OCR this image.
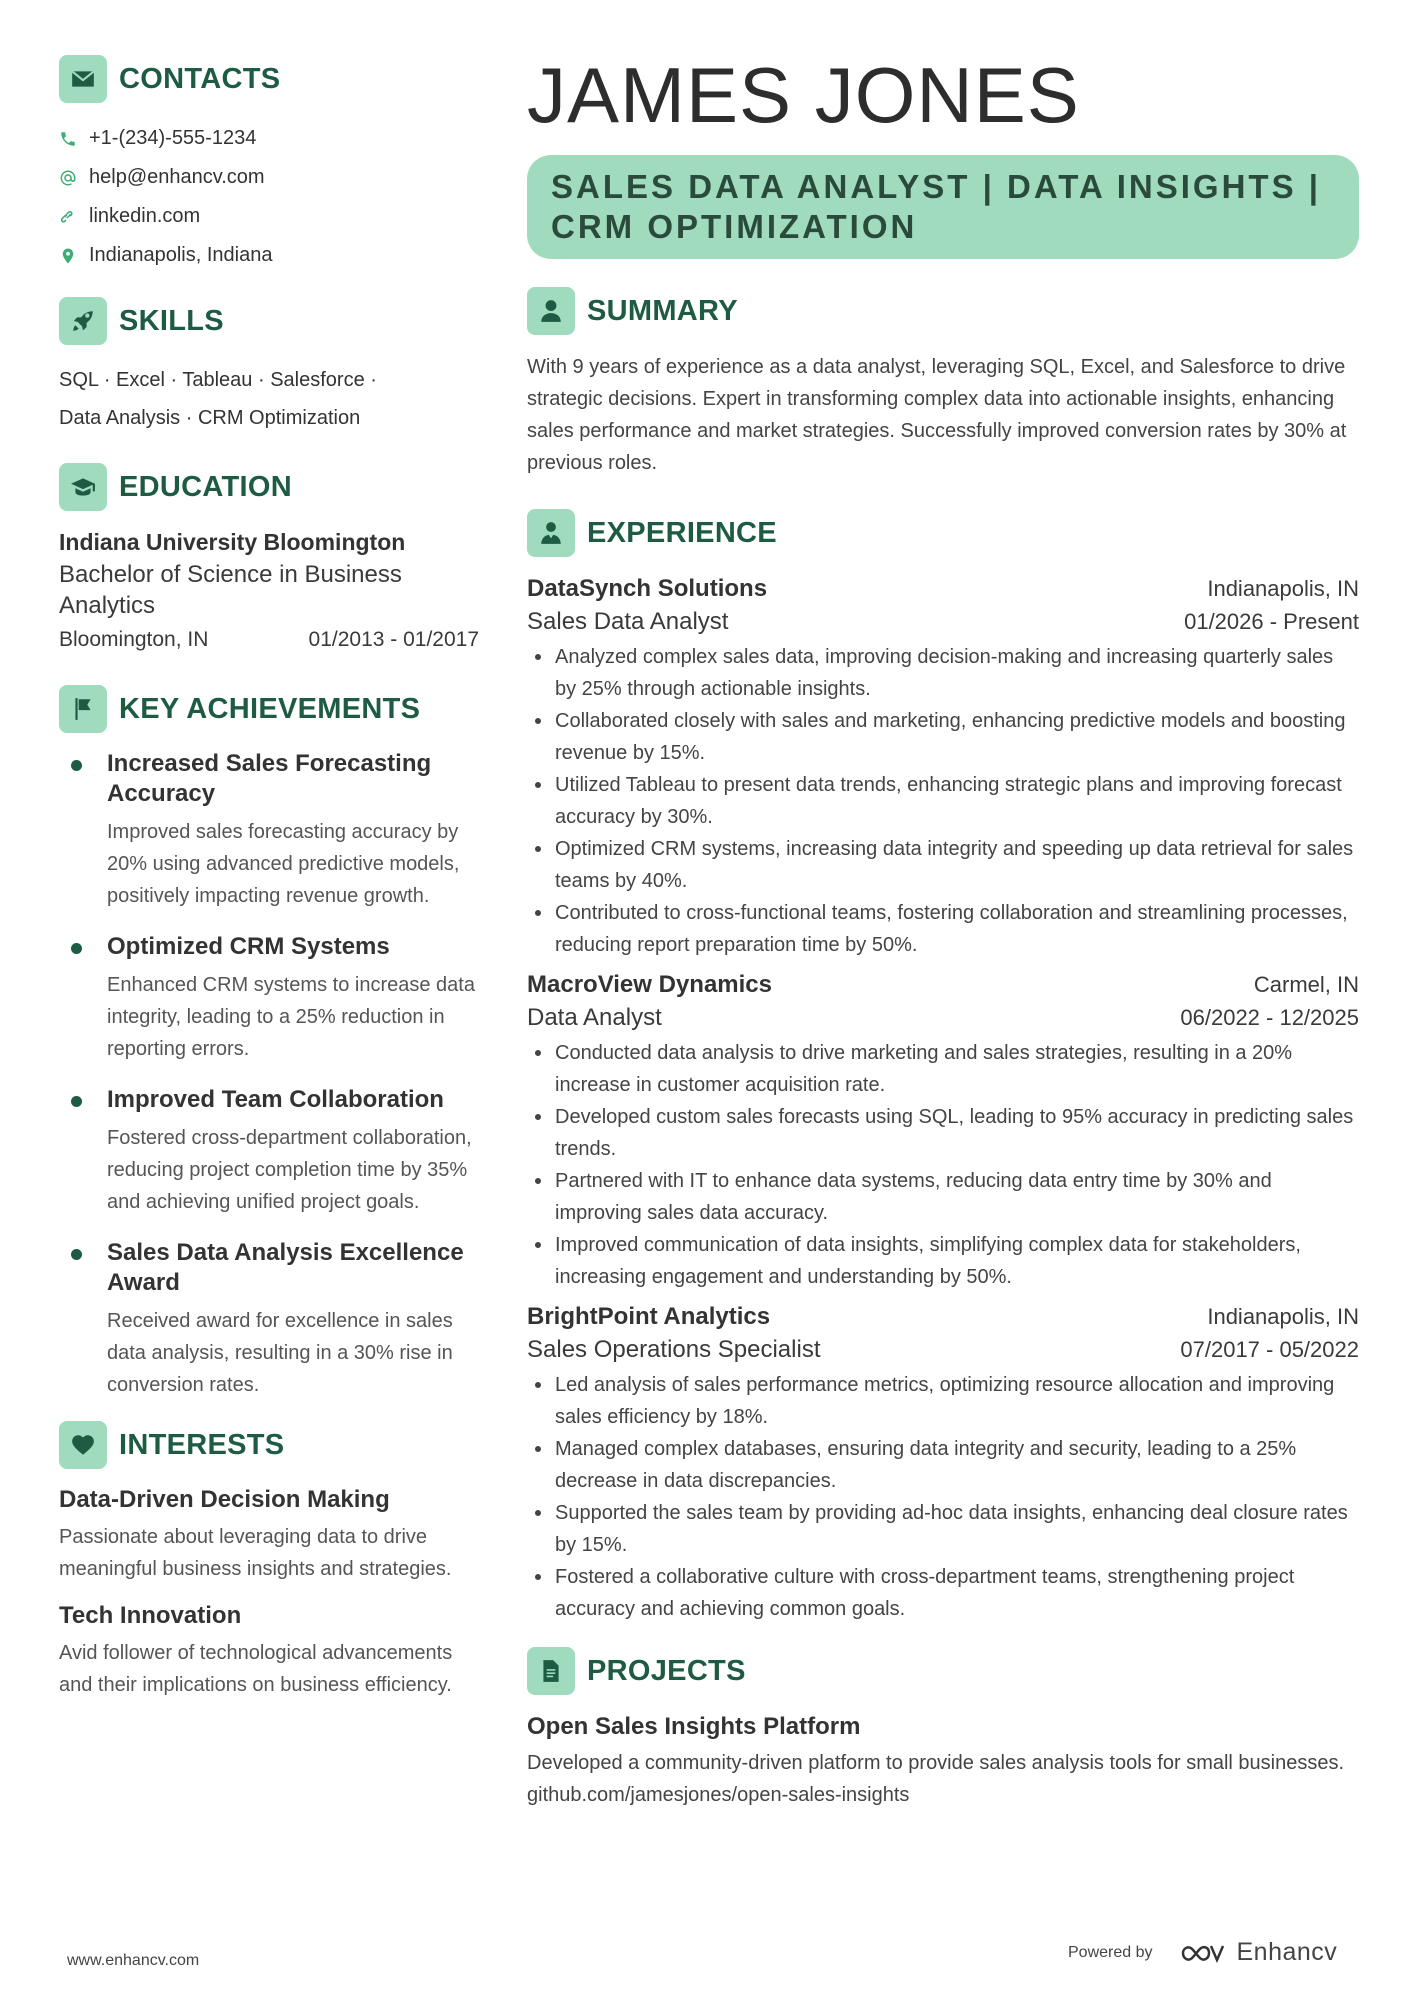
CONTACTS
+1-(234)-555-1234
help@enhancv.com
linkedin.com
Indianapolis, Indiana
SKILLS
SQL · Excel · Tableau · Salesforce ·
Data Analysis · CRM Optimization
EDUCATION
Indiana University Bloomington
Bachelor of Science in Business Analytics
Bloomington, IN	01/2013 - 01/2017
KEY ACHIEVEMENTS
Increased Sales Forecasting Accuracy
Improved sales forecasting accuracy by 20% using advanced predictive models, positively impacting revenue growth.
Optimized CRM Systems
Enhanced CRM systems to increase data integrity, leading to a 25% reduction in reporting errors.
Improved Team Collaboration
Fostered cross-department collaboration, reducing project completion time by 35% and achieving unified project goals.
Sales Data Analysis Excellence Award
Received award for excellence in sales data analysis, resulting in a 30% rise in conversion rates.
INTERESTS
Data-Driven Decision Making
Passionate about leveraging data to drive meaningful business insights and strategies.
Tech Innovation
Avid follower of technological advancements and their implications on business efficiency.
JAMES JONES
SALES DATA ANALYST | DATA INSIGHTS | CRM OPTIMIZATION
SUMMARY
With 9 years of experience as a data analyst, leveraging SQL, Excel, and Salesforce to drive strategic decisions. Expert in transforming complex data into actionable insights, enhancing sales performance and market strategies. Successfully improved conversion rates by 30% at previous roles.
EXPERIENCE
DataSynch Solutions	Indianapolis, IN
Sales Data Analyst	01/2026 - Present
Analyzed complex sales data, improving decision-making and increasing quarterly sales by 25% through actionable insights.
Collaborated closely with sales and marketing, enhancing predictive models and boosting revenue by 15%.
Utilized Tableau to present data trends, enhancing strategic plans and improving forecast accuracy by 30%.
Optimized CRM systems, increasing data integrity and speeding up data retrieval for sales teams by 40%.
Contributed to cross-functional teams, fostering collaboration and streamlining processes, reducing report preparation time by 50%.
MacroView Dynamics	Carmel, IN
Data Analyst	06/2022 - 12/2025
Conducted data analysis to drive marketing and sales strategies, resulting in a 20% increase in customer acquisition rate.
Developed custom sales forecasts using SQL, leading to 95% accuracy in predicting sales trends.
Partnered with IT to enhance data systems, reducing data entry time by 30% and improving sales data accuracy.
Improved communication of data insights, simplifying complex data for stakeholders, increasing engagement and understanding by 50%.
BrightPoint Analytics	Indianapolis, IN
Sales Operations Specialist	07/2017 - 05/2022
Led analysis of sales performance metrics, optimizing resource allocation and improving sales efficiency by 18%.
Managed complex databases, ensuring data integrity and security, leading to a 25% decrease in data discrepancies.
Supported the sales team by providing ad-hoc data insights, enhancing deal closure rates by 15%.
Fostered a collaborative culture with cross-department teams, strengthening project accuracy and achieving common goals.
PROJECTS
Open Sales Insights Platform
Developed a community-driven platform to provide sales analysis tools for small businesses. github.com/jamesjones/open-sales-insights
www.enhancv.com	Powered by	Enhancv
